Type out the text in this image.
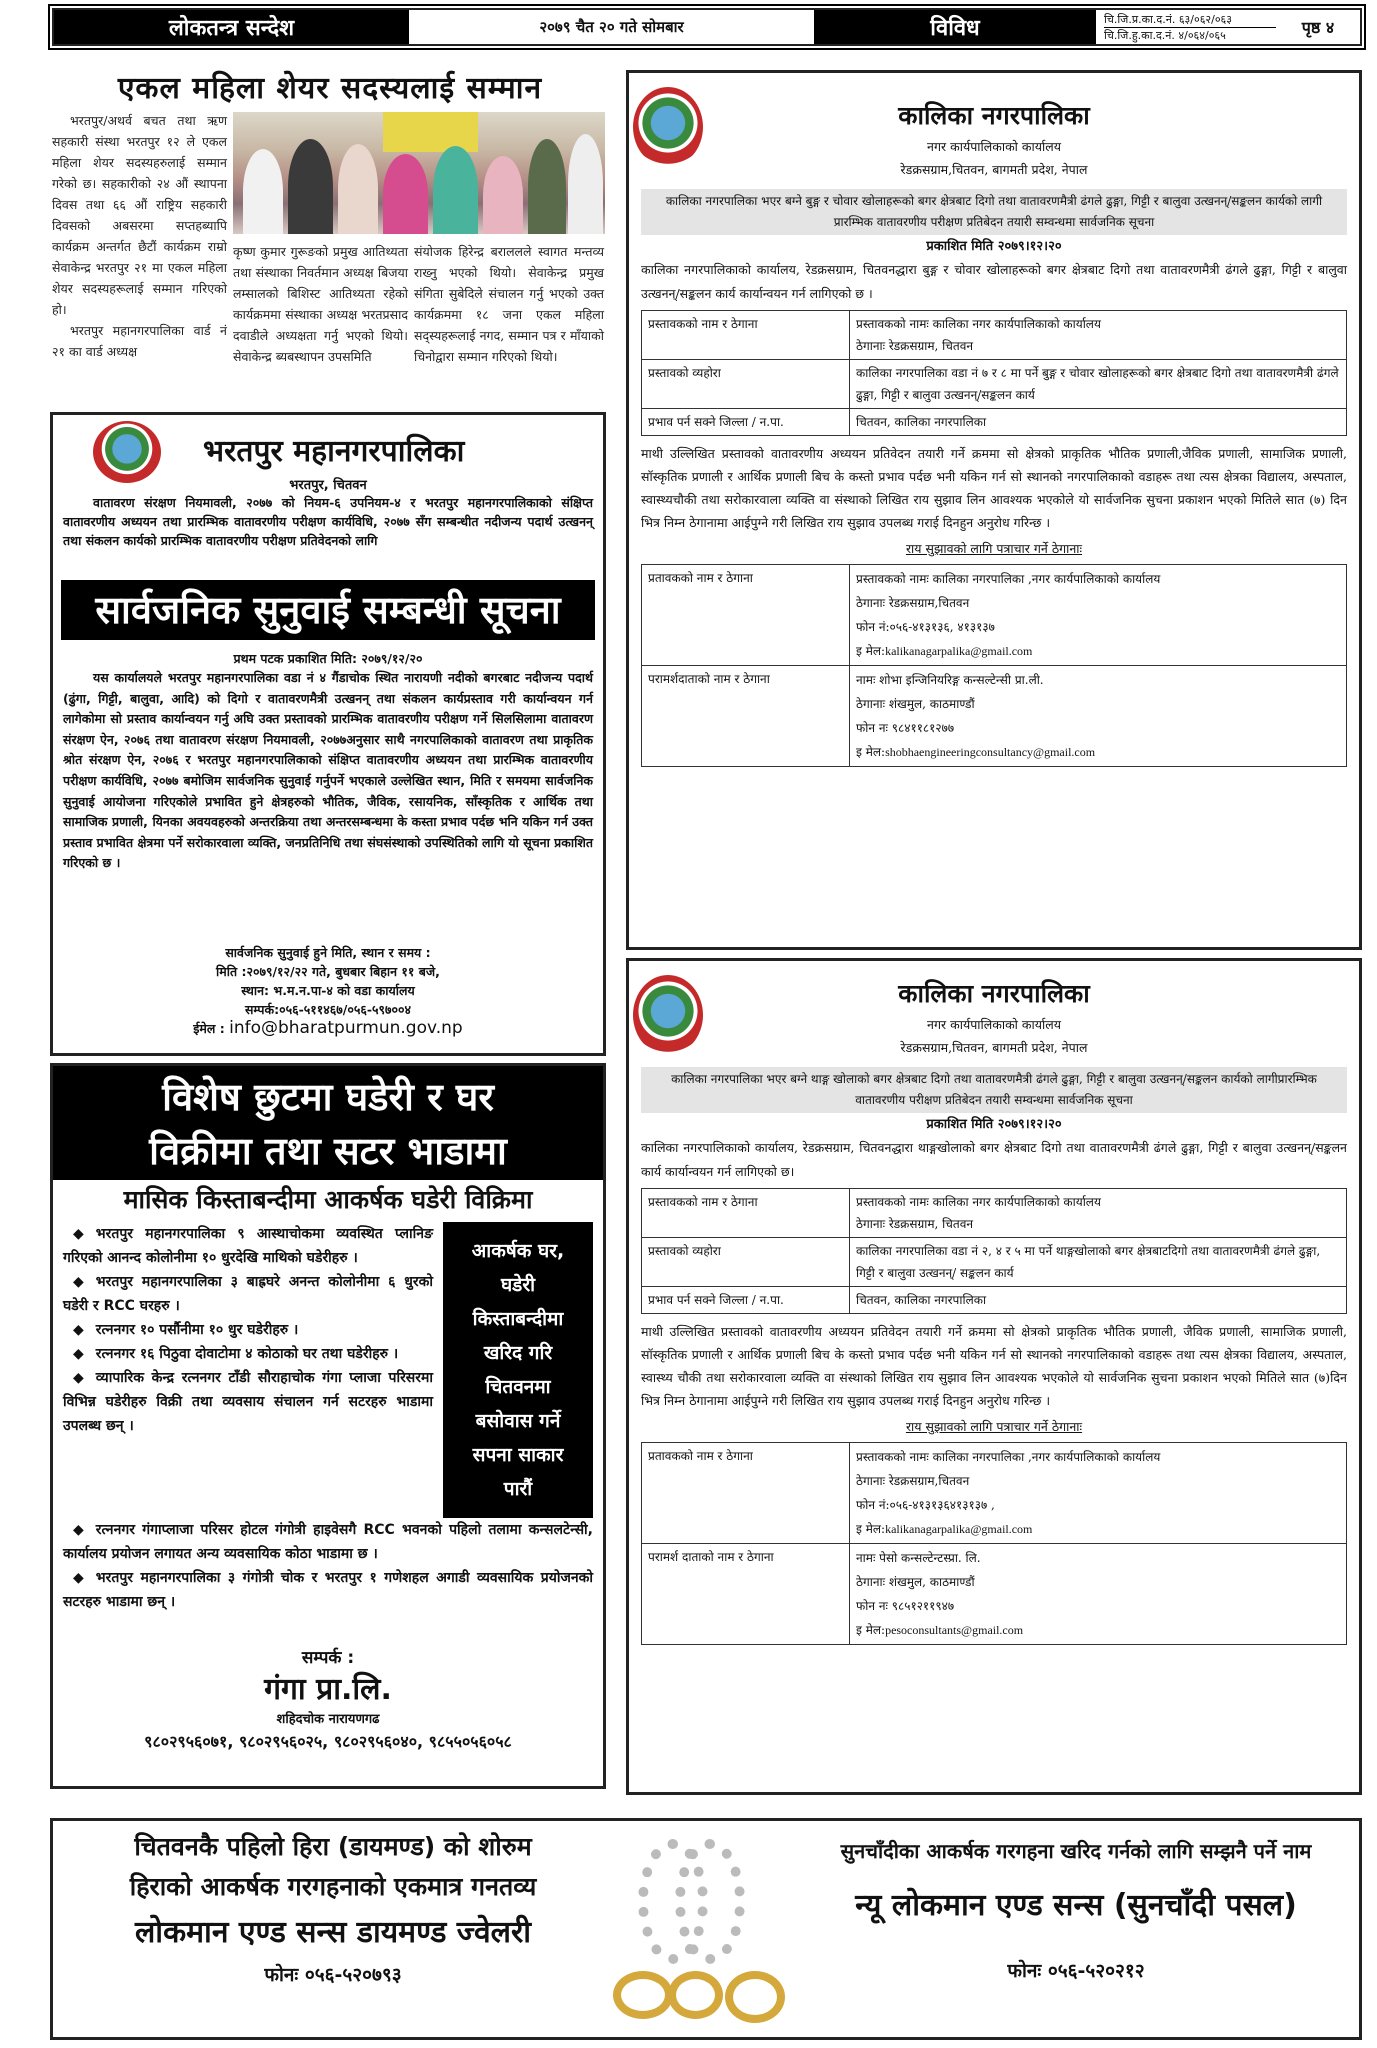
लोकतन्त्र सन्देश	२०७९ चैत २० गते सोमबार	विविध	चि.जि.प्र.का.द.नं. ६३/०६२/०६३
चि.जि.हु.का.द.नं. ४/०६४/०६५	पृष्ठ ४
एकल महिला शेयर सदस्यलाई सम्मान

भरतपुर/अथर्व बचत तथा ऋण सहकारी संस्था भरतपुर १२ ले एकल महिला शेयर सदस्यहरुलाई सम्मान गरेको छ। सहकारीको २४ औं स्थापना दिवस तथा ६६ औं राष्ट्रिय सहकारी दिवसको अबसरमा सप्तहब्यापि कार्यक्रम अन्तर्गत छैटौं कार्यक्रम राम्रो सेवाकेन्द्र भरतपुर २१ मा एकल महिला शेयर सदस्यहरूलाई सम्मान गरिएको हो।

भरतपुर महानगरपालिका वार्ड नं २१ का वार्ड अध्यक्ष

कृष्ण कुमार गुरूङको प्रमुख आतिथ्यता तथा संस्थाका निवर्तमान अध्यक्ष बिजया लम्सालको बिशिस्ट आतिथ्यता रहेको कार्यक्रममा संस्थाका अध्यक्ष भरतप्रसाद दवाडीले अध्यक्षता गर्नु भएको थियो। सेवाकेन्द्र ब्यबस्थापन उपसमिति
संयोजक हिरेन्द्र बराललले स्वागत मन्तव्य राख्नु भएको थियो। सेवाकेन्द्र प्रमुख संगिता सुबेदिले संचालन गर्नु भएको उक्त कार्यक्रममा १८ जना एकल महिला सद्स्यहरूलाई नगद, सम्मान पत्र र माँयाको चिनोद्वारा सम्मान गरिएको थियो।
भरतपुर महानगरपालिका
भरतपुर, चितवन
वातावरण संरक्षण नियमावली, २०७७ को नियम-६ उपनियम-४ र भरतपुर महानगरपालिकाको संक्षिप्त वातावरणीय अध्ययन तथा प्रारम्भिक वातावरणीय परीक्षण कार्यविधि, २०७७ सँग सम्बन्धीत नदीजन्य पदार्थ उत्खनन् तथा संकलन कार्यको प्रारम्भिक वातावरणीय परीक्षण प्रतिवेदनको लागि
सार्वजनिक सुनुवाई सम्बन्धी सूचना
प्रथम पटक प्रकाशित मिति: २०७९/१२/२०
यस कार्यालयले भरतपुर महानगरपालिका वडा नं ४ गैंडाचोक स्थित नारायणी नदीको बगरबाट नदीजन्य पदार्थ (ढुंगा, गिट्टी, बालुवा, आदि) को दिगो र वातावरणमैत्री उत्खनन् तथा संकलन कार्यप्रस्ताव गरी कार्यान्वयन गर्न लागेकोमा सो प्रस्ताव कार्यान्वयन गर्नु अघि उक्त प्रस्तावको प्रारम्भिक वातावरणीय परीक्षण गर्ने सिलसिलामा वातावरण संरक्षण ऐन, २०७६ तथा वातावरण संरक्षण नियमावली, २०७७अनुसार साथै नगरपालिकाको वातावरण तथा प्राकृतिक श्रोत संरक्षण ऐन, २०७६ र भरतपुर महानगरपालिकाको संक्षिप्त वातावरणीय अध्ययन तथा प्रारम्भिक वातावरणीय परीक्षण कार्यविधि, २०७७ बमोजिम सार्वजनिक सुनुवाई गर्नुपर्ने भएकाले उल्लेखित स्थान, मिति र समयमा सार्वजनिक सुनुवाई आयोजना गरिएकोले प्रभावित हुने क्षेत्रहरुको भौतिक, जैविक, रसायनिक, साँस्कृतिक र आर्थिक तथा सामाजिक प्रणाली, यिनका अवयवहरुको अन्तरक्रिया तथा अन्तरसम्बन्धमा के कस्ता प्रभाव पर्दछ भनि यकिन गर्न उक्त प्रस्ताव प्रभावित क्षेत्रमा पर्ने सरोकारवाला व्यक्ति, जनप्रतिनिधि तथा संघसंस्थाको उपस्थितिको लागि यो सूचना प्रकाशित गरिएको छ ।
सार्वजनिक सुनुवाई हुने मिति, स्थान र समय :
मिति :२०७९/१२/२२ गते, बुधबार बिहान ११ बजे,
स्थान: भ.म.न.पा-४ को वडा कार्यालय
सम्पर्क:०५६-५११४६७/०५६-५९७००४
ईमेल : info@bharatpurmun.gov.np
विशेष छुटमा घडेरी र घर
विक्रीमा तथा सटर भाडामा
मासिक किस्ताबन्दीमा आकर्षक घडेरी विक्रिमा
◆ भरतपुर महानगरपालिका ९ आस्थाचोकमा व्यवस्थित प्लानिङ गरिएको आनन्द कोलोनीमा १० धुरदेखि माथिको घडेरीहरु ।
◆ भरतपुर महानगरपालिका ३ बाह्रघरे अनन्त कोलोनीमा ६ धुरको घडेरी र RCC घरहरु ।
◆ रत्ननगर १० पर्सौनीमा १० धुर घडेरीहरु ।
◆ रत्ननगर १६ पिठुवा दोवाटोमा ४ कोठाको घर तथा घडेरीहरु ।
◆ व्यापारिक केन्द्र रत्ननगर टाँडी सौराहाचोक गंगा प्लाजा परिसरमा विभिन्न घडेरीहरु विक्री तथा व्यवसाय संचालन गर्न सटरहरु भाडामा उपलब्ध छन् ।
आकर्षक घर,
घडेरी
किस्ताबन्दीमा
खरिद गरि
चितवनमा
बसोवास गर्ने
सपना साकार
पारौं
◆ रत्ननगर गंगाप्लाजा परिसर होटल गंगोत्री हाइवेसगै RCC भवनको पहिलो तलामा कन्सलटेन्सी, कार्यालय प्रयोजन लगायत अन्य व्यवसायिक कोठा भाडामा छ ।
◆ भरतपुर महानगरपालिका ३ गंगोत्री चोक र भरतपुर १ गणेशहल अगाडी व्यवसायिक प्रयोजनको सटरहरु भाडामा छन् ।
सम्पर्क :
गंगा प्रा.लि.
शहिदचोक नारायणगढ
९८०२९५६०७१, ९८०२९५६०२५, ९८०२९५६०४०, ९८५५०५६०५८
कालिका नगरपालिका
नगर कार्यपालिकाको कार्यालय
रेडक्रसग्राम,चितवन, बागमती प्रदेश, नेपाल
कालिका नगरपालिका भएर बग्ने बुङ्ग र चोवार खोलाहरूको बगर क्षेत्रबाट दिगो तथा वातावरणमैत्री ढंगले ढुङ्गा, गिट्टी र बालुवा उत्खनन्/सङ्कलन कार्यको लागी प्रारम्भिक वातावरणीय परीक्षण प्रतिबेदन तयारी सम्वन्धमा सार्वजनिक सूचना
प्रकाशित मिति २०७९।१२।२०
कालिका नगरपालिकाको कार्यालय, रेडक्रसग्राम, चितवनद्धारा बुङ्ग र चोवार खोलाहरूको बगर क्षेत्रबाट दिगो तथा वातावरणमैत्री ढंगले ढुङ्गा, गिट्टी र बालुवा उत्खनन्/सङ्कलन कार्य कार्यान्वयन गर्न लागिएको छ ।
प्रस्तावकको नाम र ठेगाना	प्रस्तावकको नामः कालिका नगर कार्यपालिकाको कार्यालय
ठेगानाः रेडक्रसग्राम, चितवन

प्रस्तावको व्यहोरा	कालिका नगरपालिका वडा नं ७ र ८ मा पर्ने बुङ्ग र चोवार खोलाहरूको बगर क्षेत्रबाट दिगो तथा वातावरणमैत्री ढंगले ढुङ्गा, गिट्टी र बालुवा उत्खनन्/सङ्कलन कार्य
प्रभाव पर्न सक्ने जिल्ला / न.पा.	चितवन, कालिका नगरपालिका
माथी उल्लिखित प्रस्तावको वातावरणीय अध्ययन प्रतिवेदन तयारी गर्ने क्रममा सो क्षेत्रको प्राकृतिक भौतिक प्रणाली,जैविक प्रणाली, सामाजिक प्रणाली, सॉस्कृतिक प्रणाली र आर्थिक प्रणाली बिच के कस्तो प्रभाव पर्दछ भनी यकिन गर्न सो स्थानको नगरपालिकाको वडाहरू तथा त्यस क्षेत्रका विद्यालय, अस्पताल, स्वास्थ्यचौकी तथा सरोकारवाला व्यक्ति वा संस्थाको लिखित राय सुझाव लिन आवश्यक भएकोले यो सार्वजनिक सुचना प्रकाशन भएको मितिले सात (७) दिन भित्र निम्न ठेगानामा आईपुग्ने गरी लिखित राय सुझाव उपलब्ध गराई दिनहुन अनुरोध गरिन्छ ।
राय सुझावको लागि पत्राचार गर्ने ठेगानाः
प्रतावकको नाम र ठेगाना	प्रस्तावकको नामः कालिका नगरपालिका ,नगर कार्यपालिकाको कार्यालय
ठेगानाः रेडक्रसग्राम,चितवन
फोन नं:०५६-४१३१३६, ४१३१३७
इ मेल:kalikanagarpalika@gmail.com

परामर्शदाताको नाम र ठेगाना	नामः शोभा इन्जिनियरिङ्ग कन्सल्टेन्सी प्रा.ली.
ठेगानाः शंखमुल, काठमाण्डौं
फोन नः ९८४११८१२७७
इ मेल:shobhaengineeringconsultancy@gmail.com
कालिका नगरपालिका
नगर कार्यपालिकाको कार्यालय
रेडक्रसग्राम,चितवन, बागमती प्रदेश, नेपाल
कालिका नगरपालिका भएर बग्ने थाङ्ग खोलाको बगर क्षेत्रबाट दिगो तथा वातावरणमैत्री ढंगले ढुङ्गा, गिट्टी र बालुवा उत्खनन्/सङ्कलन कार्यको लागीप्रारम्भिक वातावरणीय परीक्षण प्रतिबेदन तयारी सम्वन्धमा सार्वजनिक सूचना
प्रकाशित मिति २०७९।१२।२०
कालिका नगरपालिकाको कार्यालय, रेडक्रसग्राम, चितवनद्धारा थाङ्गखोलाको बगर क्षेत्रबाट दिगो तथा वातावरणमैत्री ढंगले ढुङ्गा, गिट्टी र बालुवा उत्खनन्/सङ्कलन कार्य कार्यान्वयन गर्न लागिएको छ।
प्रस्तावकको नाम र ठेगाना	प्रस्तावकको नामः कालिका नगर कार्यपालिकाको कार्यालय
ठेगानाः रेडक्रसग्राम, चितवन

प्रस्तावको व्यहोरा	कालिका नगरपालिका वडा नं २, ४ र ५ मा पर्ने थाङ्गखोलाको बगर क्षेत्रबाटदिगो तथा वातावरणमैत्री ढंगले ढुङ्गा, गिट्टी र बालुवा उत्खनन्/ सङ्कलन कार्य
प्रभाव पर्न सक्ने जिल्ला / न.पा.	चितवन, कालिका नगरपालिका
माथी उल्लिखित प्रस्तावको वातावरणीय अध्ययन प्रतिवेदन तयारी गर्ने क्रममा सो क्षेत्रको प्राकृतिक भौतिक प्रणाली, जैविक प्रणाली, सामाजिक प्रणाली, सॉस्कृतिक प्रणाली र आर्थिक प्रणाली बिच के कस्तो प्रभाव पर्दछ भनी यकिन गर्न सो स्थानको नगरपालिकाको वडाहरू तथा त्यस क्षेत्रका विद्यालय, अस्पताल, स्वास्थ्य चौकी तथा सरोकारवाला व्यक्ति वा संस्थाको लिखित राय सुझाव लिन आवश्यक भएकोले यो सार्वजनिक सुचना प्रकाशन भएको मितिले सात (७)दिन भित्र निम्न ठेगानामा आईपुग्ने गरी लिखित राय सुझाव उपलब्ध गराई दिनहुन अनुरोध गरिन्छ ।
राय सुझावको लागि पत्राचार गर्ने ठेगानाः
प्रतावकको नाम र ठेगाना	प्रस्तावकको नामः कालिका नगरपालिका ,नगर कार्यपालिकाको कार्यालय
ठेगानाः रेडक्रसग्राम,चितवन
फोन नं:०५६-४१३१३६४१३१३७ ,
इ मेल:kalikanagarpalika@gmail.com

परामर्श दाताको नाम र ठेगाना	नामः पेसो कन्सल्टेन्टस्प्रा. लि.
ठेगानाः शंखमुल, काठमाण्डौं
फोन नः ९८५१२११९४७
इ मेल:pesoconsultants@gmail.com
चितवनकै पहिलो हिरा (डायमण्ड) को शोरुम
हिराको आकर्षक गरगहनाको एकमात्र गनतव्य
लोकमान एण्ड सन्स डायमण्ड ज्वेलरी
फोनः ०५६-५२०७९३
सुनचाँदीका आकर्षक गरगहना खरिद गर्नको लागि सम्झनै पर्ने नाम
न्यू लोकमान एण्ड सन्स (सुनचाँदी पसल)
फोनः ०५६-५२०२१२
